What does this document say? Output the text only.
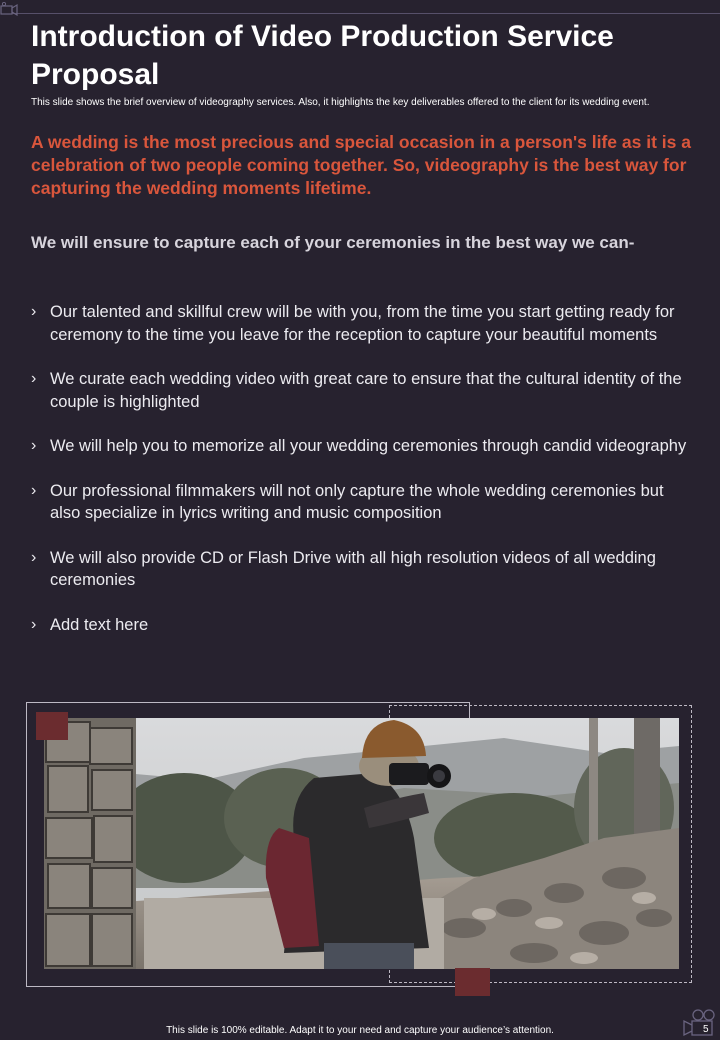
Introduction of Video Production Service Proposal

This slide shows the brief overview of videography services. Also, it highlights the key deliverables offered to the client for its wedding event.

A wedding is the most precious and special occasion in a person's life as it is a celebration of two people coming together. So, videography is the best way for capturing the wedding moments lifetime.

We will ensure to capture each of your ceremonies in the best way we can-

› Our talented and skillful crew will be with you, from the time you start getting ready for ceremony to the time you leave for the reception to capture your beautiful moments
› We curate each wedding video with great care to ensure that the cultural identity of the couple is highlighted
› We will help you to memorize all your wedding ceremonies through candid videography
› Our professional filmmakers will not only capture the whole wedding ceremonies but also specialize in lyrics writing and music composition
› We will also provide CD or Flash Drive with all high resolution videos of all wedding ceremonies
› Add text here
This slide is 100% editable. Adapt it to your need and capture your audience’s attention.	5
